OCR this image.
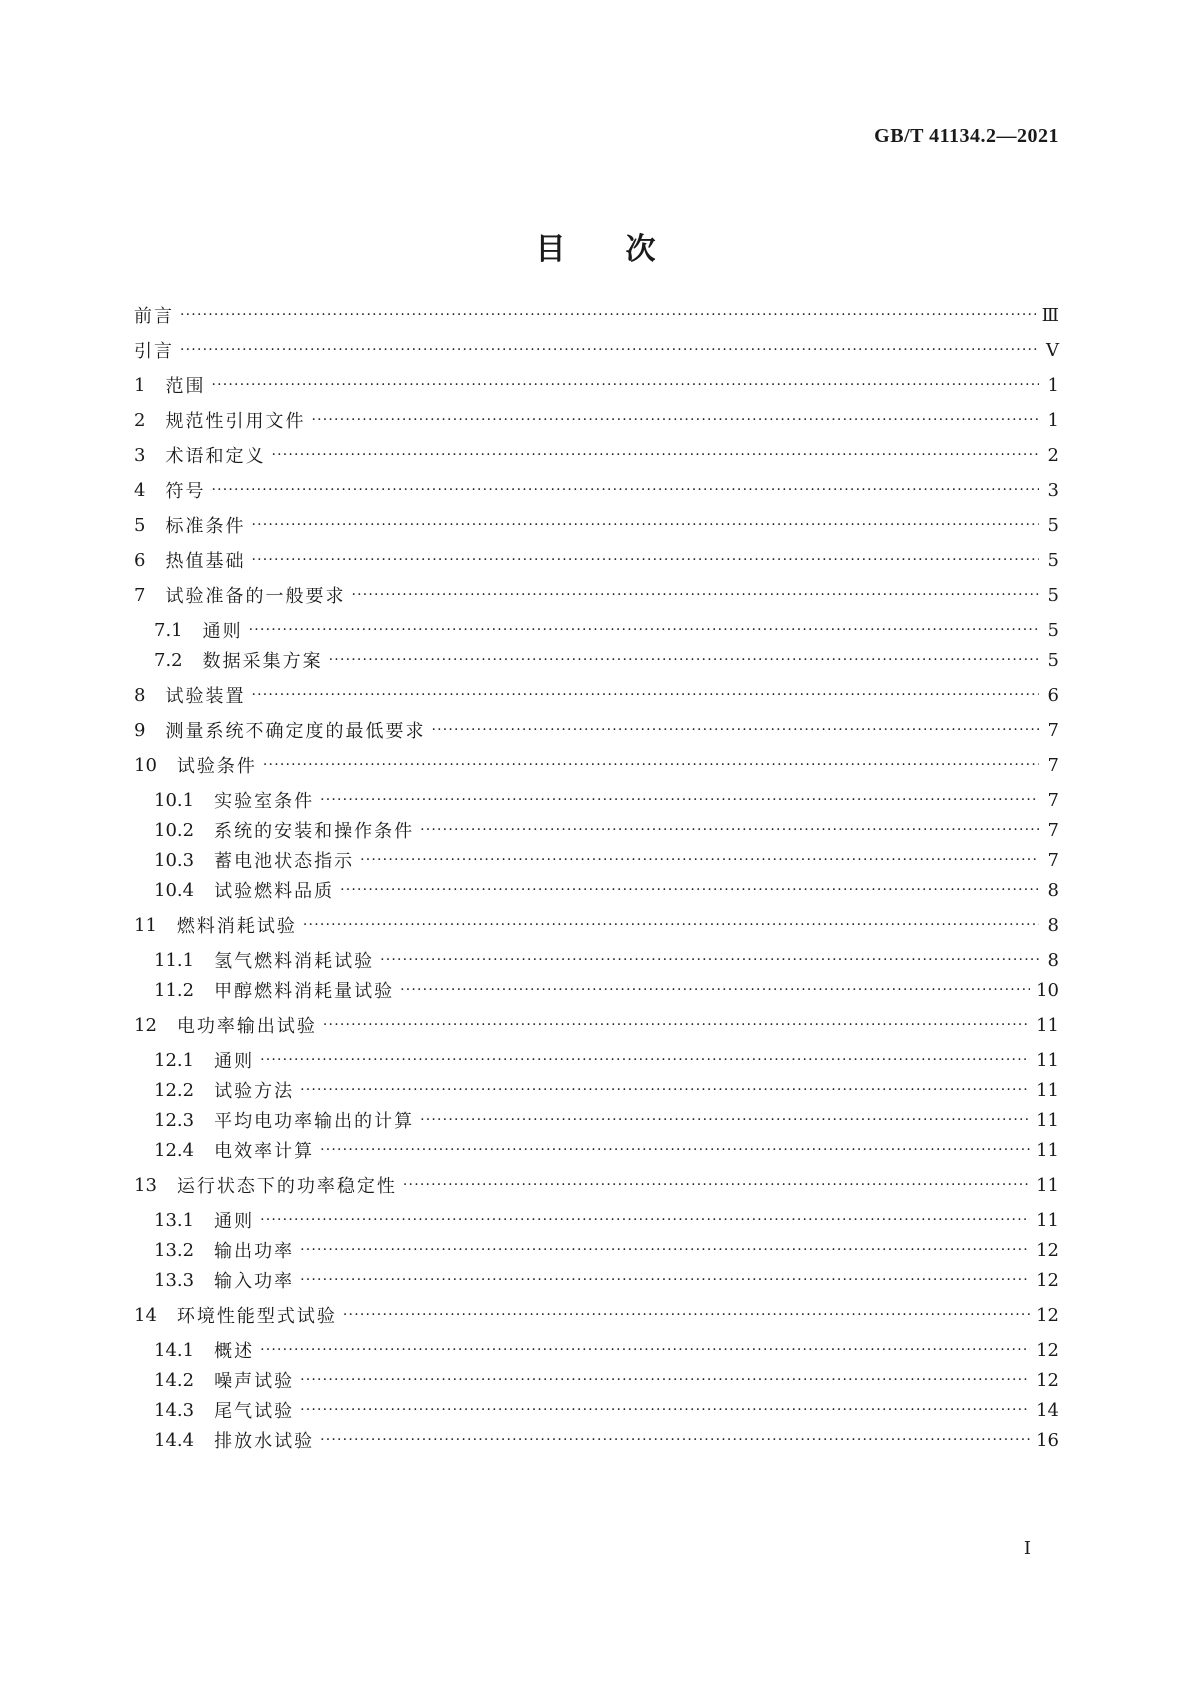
GB/T 41134.2—2021
目次
前言 ·····	Ⅲ
引言 ·····	Ⅴ
1 范围 ·····	1
2 规范性引用文件 ·····	1
3 术语和定义 ·····	2
4 符号 ·····	3
5 标准条件 ·····	5
6 热值基础 ·····	5
7 试验准备的一般要求 ·····	5
7.1 通则 ·····	5
7.2 数据采集方案 ·····	5
8 试验装置 ·····	6
9 测量系统不确定度的最低要求 ·····	7
10 试验条件 ·····	7
10.1 实验室条件 ·····	7
10.2 系统的安装和操作条件 ·····	7
10.3 蓄电池状态指示 ·····	7
10.4 试验燃料品质 ·····	8
11 燃料消耗试验 ·····	8
11.1 氢气燃料消耗试验 ·····	8
11.2 甲醇燃料消耗量试验 ·····	10
12 电功率输出试验 ·····	11
12.1 通则 ·····	11
12.2 试验方法 ·····	11
12.3 平均电功率输出的计算 ·····	11
12.4 电效率计算 ·····	11
13 运行状态下的功率稳定性 ·····	11
13.1 通则 ·····	11
13.2 输出功率 ·····	12
13.3 输入功率 ·····	12
14 环境性能型式试验 ·····	12
14.1 概述 ·····	12
14.2 噪声试验 ·····	12
14.3 尾气试验 ·····	14
14.4 排放水试验 ·····	16
Ⅰ
